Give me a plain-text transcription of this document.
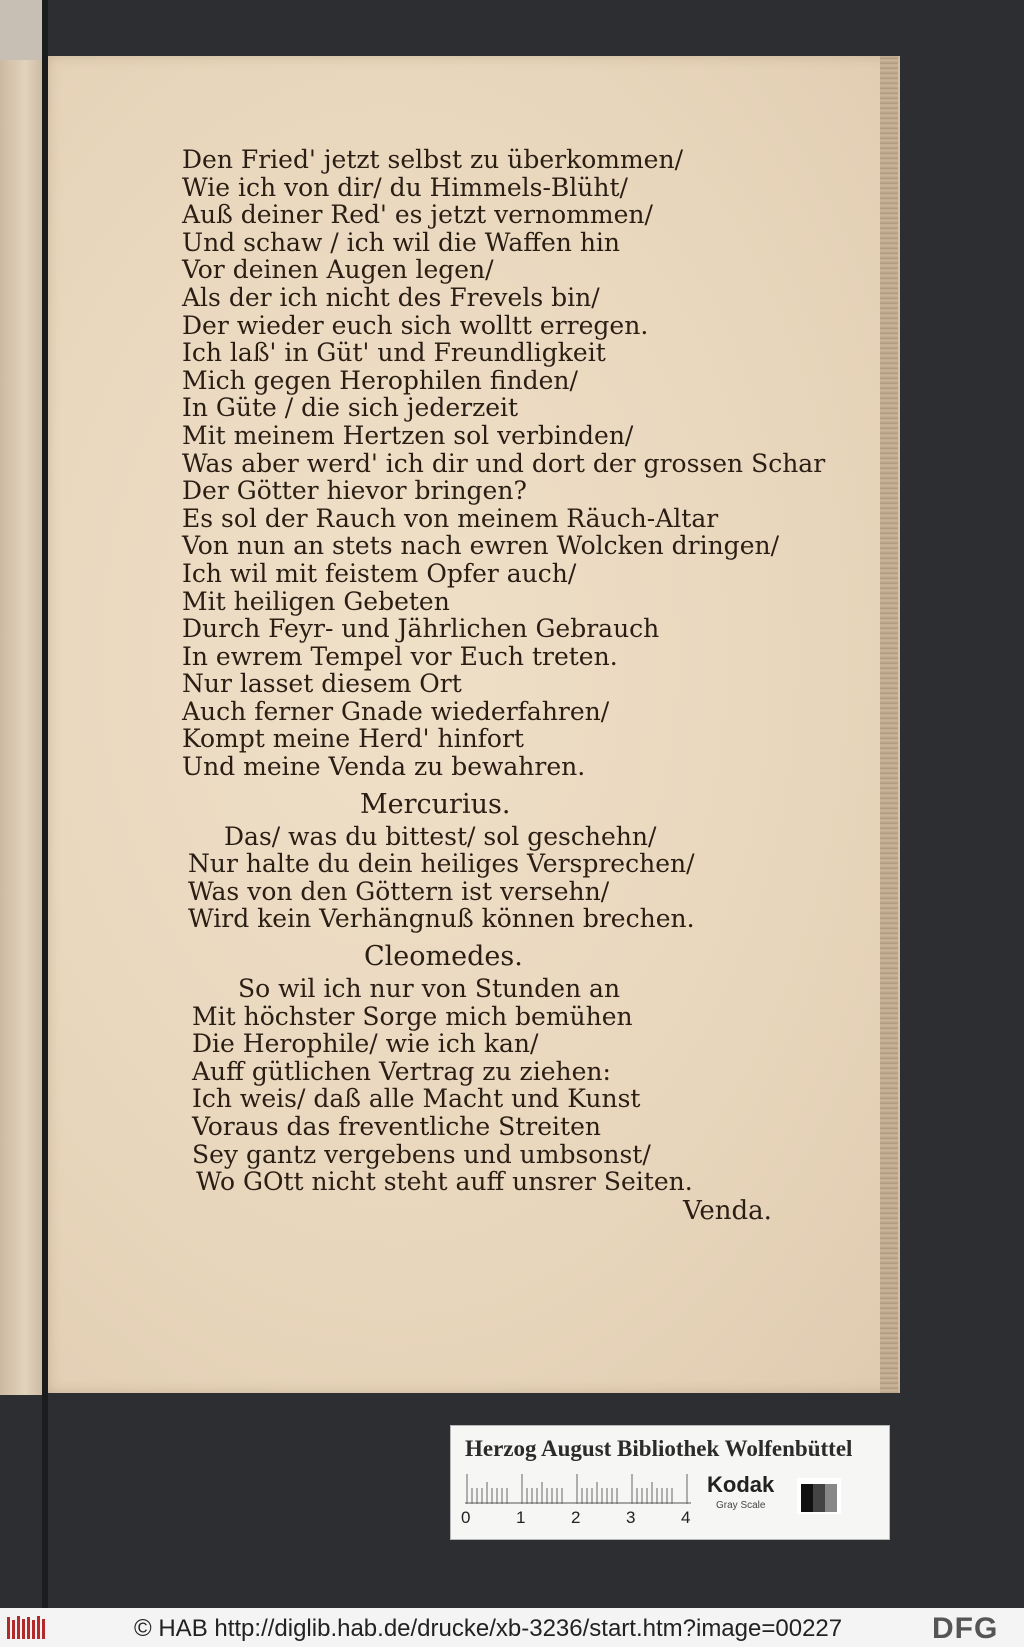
Den Fried' jetzt selbst zu überkommen/
Wie ich von dir/ du Himmels-Blüht/
Auß deiner Red' es jetzt vernommen/
Und schaw / ich wil die Waffen hin
Vor deinen Augen legen/
Als der ich nicht des Frevels bin/
Der wieder euch sich wolltt erregen.
Ich laß' in Güt' und Freundligkeit
Mich gegen Herophilen finden/
In Güte / die sich jederzeit
Mit meinem Hertzen sol verbinden/
Was aber werd' ich dir und dort der grossen Schar
Der Götter hievor bringen?
Es sol der Rauch von meinem Räuch-Altar
Von nun an stets nach ewren Wolcken dringen/
Ich wil mit feistem Opfer auch/
Mit heiligen Gebeten
Durch Feyr- und Jährlichen Gebrauch
In ewrem Tempel vor Euch treten.
Nur lasset diesem Ort
Auch ferner Gnade wiederfahren/
Kompt meine Herd' hinfort
Und meine Venda zu bewahren.
Mercurius.
Das/ was du bittest/ sol geschehn/
Nur halte du dein heiliges Versprechen/
Was von den Göttern ist versehn/
Wird kein Verhängnuß können brechen.
Cleomedes.
So wil ich nur von Stunden an
Mit höchster Sorge mich bemühen
Die Herophile/ wie ich kan/
Auff gütlichen Vertrag zu ziehen:
Ich weis/ daß alle Macht und Kunst
Voraus das freventliche Streiten
Sey gantz vergebens und umbsonst/
Wo GOtt nicht steht auff unsrer Seiten.
Venda.
Herzog August Bibliothek Wolfenbüttel
0	1	2	3	4
Kodak
Gray Scale
© HAB http://diglib.hab.de/drucke/xb-3236/start.htm?image=00227	DFG
